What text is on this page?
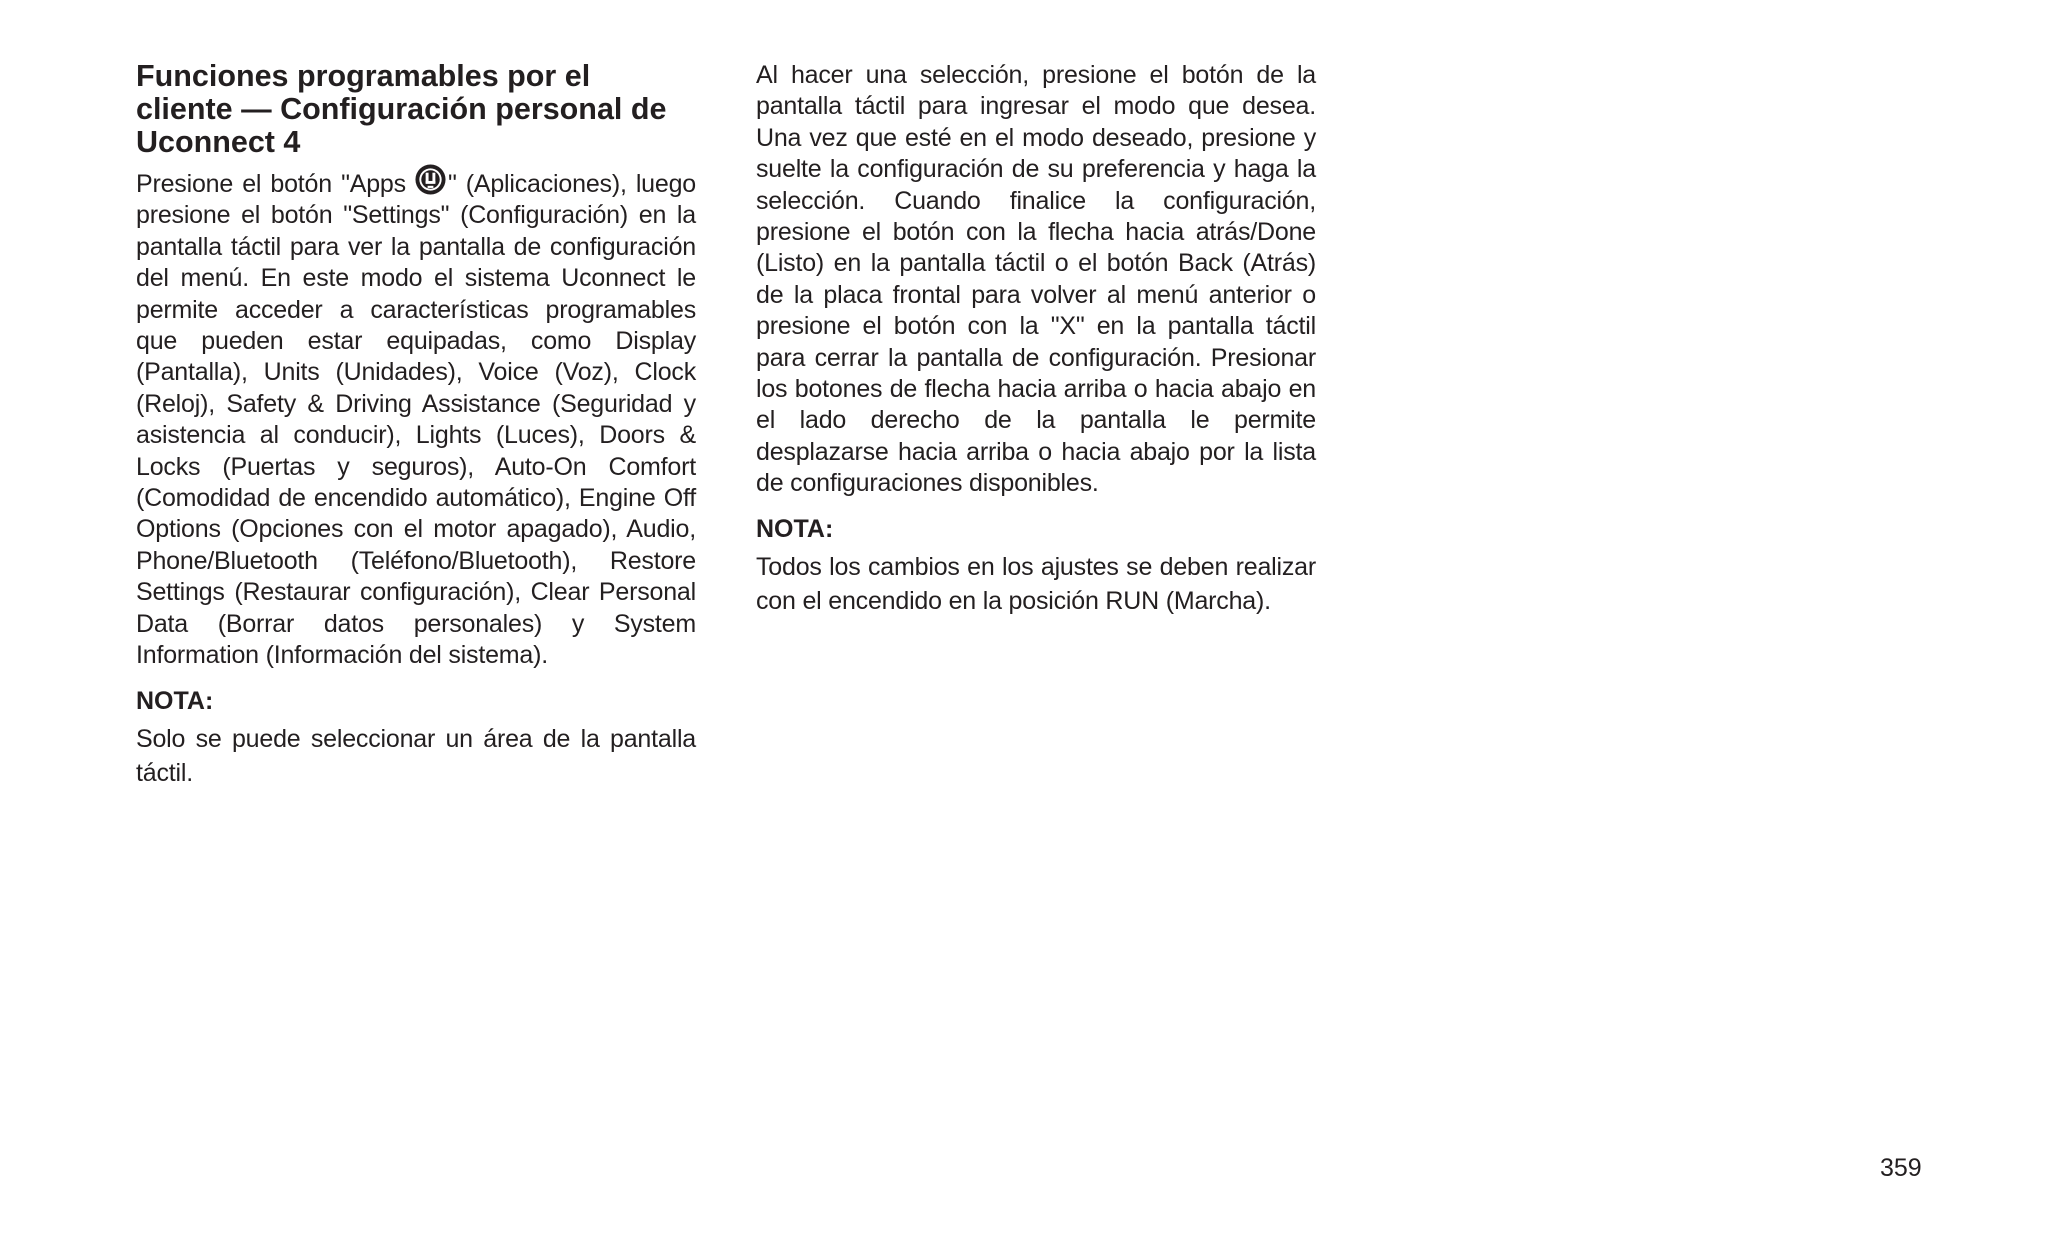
Funciones programables por el
cliente — Configuración personal de
Uconnect 4

Presione el botón "Apps " (Aplicaciones), luego presione el botón "Settings" (Configuración) en la pantalla táctil para ver la pantalla de configuración del menú. En este modo el sistema Uconnect le permite acceder a características programables que pueden estar equipadas, como Display (Pantalla), Units (Unidades), Voice (Voz), Clock (Reloj), Safety & Driving Assistance (Seguridad y asistencia al conducir), Lights (Luces), Doors & Locks (Puertas y seguros), Auto-On Comfort (Comodidad de encendido automático), Engine Off Options (Opciones con el motor apagado), Audio, Phone/Bluetooth (Teléfono/Bluetooth), Restore Settings (Restaurar configuración), Clear Personal Data (Borrar datos personales) y System Information (Información del sistema).

NOTA:

Solo se puede seleccionar un área de la pantalla táctil.

Al hacer una selección, presione el botón de la pantalla táctil para ingresar el modo que desea. Una vez que esté en el modo deseado, presione y suelte la configuración de su preferencia y haga la selección. Cuando finalice la configuración, presione el botón con la flecha hacia atrás/Done (Listo) en la pantalla táctil o el botón Back (Atrás) de la placa frontal para volver al menú anterior o presione el botón con la "X" en la pantalla táctil para cerrar la pantalla de configuración. Presionar los botones de flecha hacia arriba o hacia abajo en el lado derecho de la pantalla le permite desplazarse hacia arriba o hacia abajo por la lista de configuraciones disponibles.

NOTA:

Todos los cambios en los ajustes se deben realizar con el encendido en la posición RUN (Marcha).

359
